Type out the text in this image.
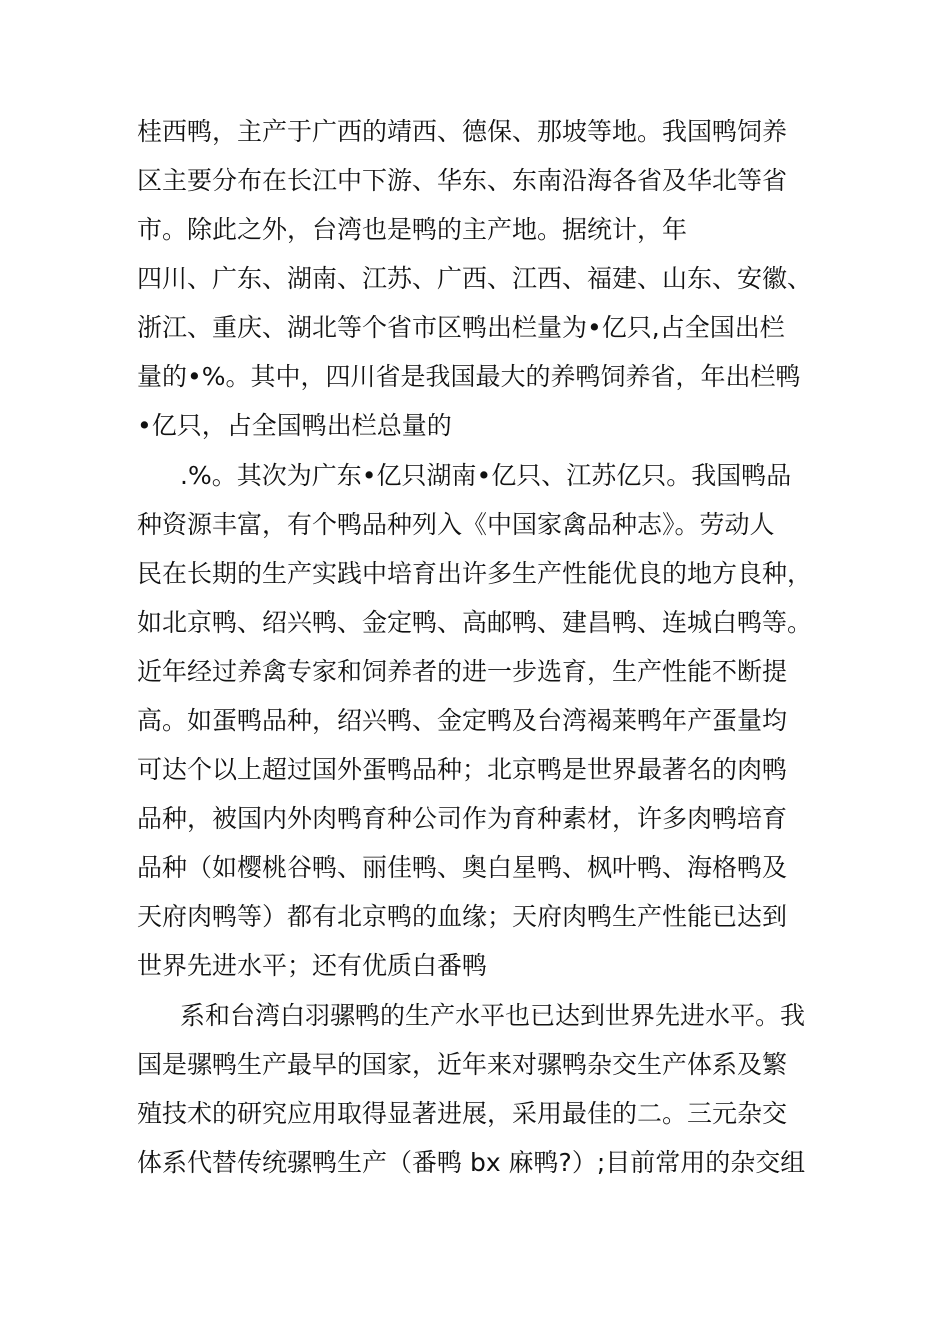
桂西鸭，主产于广西的靖西、德保、那坡等地。我国鸭饲养

区主要分布在长江中下游、华东、东南沿海各省及华北等省

市。除此之外，台湾也是鸭的主产地。据统计，年

四川、广东、湖南、江苏、广西、江西、福建、山东、安徽、

浙江、重庆、湖北等个省市区鸭出栏量为•亿只,占全国出栏

量的•%。其中，四川省是我国最大的养鸭饲养省，年出栏鸭

•亿只，占全国鸭出栏总量的

.%。其次为广东•亿只湖南•亿只、江苏亿只。我国鸭品

种资源丰富，有个鸭品种列入《中国家禽品种志》。劳动人

民在长期的生产实践中培育出许多生产性能优良的地方良种，

如北京鸭、绍兴鸭、金定鸭、高邮鸭、建昌鸭、连城白鸭等。

近年经过养禽专家和饲养者的进一步选育，生产性能不断提

高。如蛋鸭品种，绍兴鸭、金定鸭及台湾褐莱鸭年产蛋量均

可达个以上超过国外蛋鸭品种；北京鸭是世界最著名的肉鸭

品种，被国内外肉鸭育种公司作为育种素材，许多肉鸭培育

品种（如樱桃谷鸭、丽佳鸭、奥白星鸭、枫叶鸭、海格鸭及

天府肉鸭等）都有北京鸭的血缘；天府肉鸭生产性能已达到

世界先进水平；还有优质白番鸭

系和台湾白羽骡鸭的生产水平也已达到世界先进水平。我

国是骡鸭生产最早的国家，近年来对骡鸭杂交生产体系及繁

殖技术的研究应用取得显著进展，采用最佳的二。三元杂交

体系代替传统骡鸭生产（番鸭 bx 麻鸭?）;目前常用的杂交组
